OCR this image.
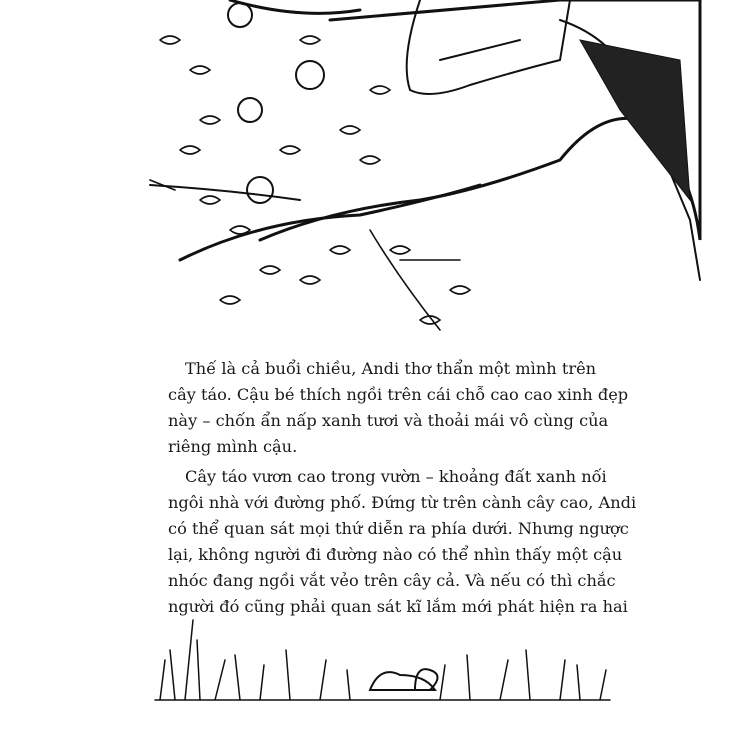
Thế là cả buổi chiều, Andi thơ thẩn một mình trên
cây táo. Cậu bé thích ngồi trên cái chỗ cao cao xinh đẹp
này – chốn ẩn nấp xanh tươi và thoải mái vô cùng của
riêng mình cậu.
Cây táo vươn cao trong vườn – khoảng đất xanh nối
ngôi nhà với đường phố. Đứng từ trên cành cây cao, Andi
có thể quan sát mọi thứ diễn ra phía dưới. Nhưng ngược
lại, không người đi đường nào có thể nhìn thấy một cậu
nhóc đang ngồi vắt vẻo trên cây cả. Và nếu có thì chắc
người đó cũng phải quan sát kĩ lắm mới phát hiện ra hai
